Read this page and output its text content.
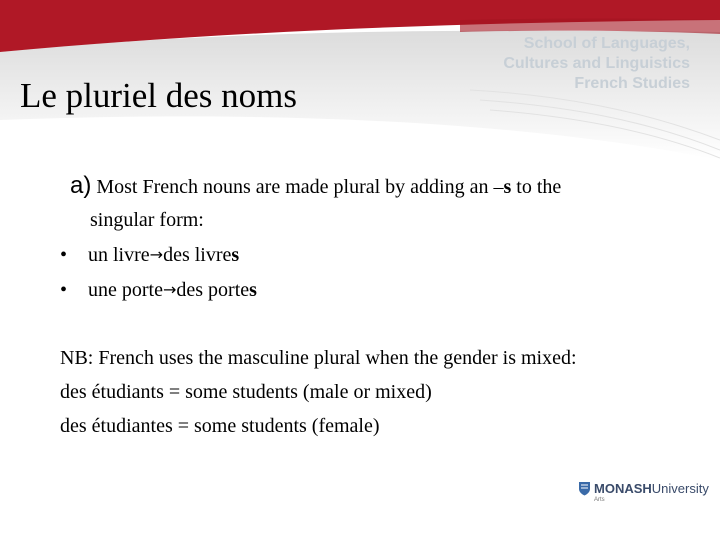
School of Languages,
Cultures and Linguistics
French Studies
Le pluriel des noms
a) Most French nouns are made plural by adding an –s to the
singular form:
• un livre→des livres
• une porte→des portes
NB: French uses the masculine plural when the gender is mixed:
des étudiants = some students (male or mixed)
des étudiantes = some students (female)
MONASHUniversity
Arts
